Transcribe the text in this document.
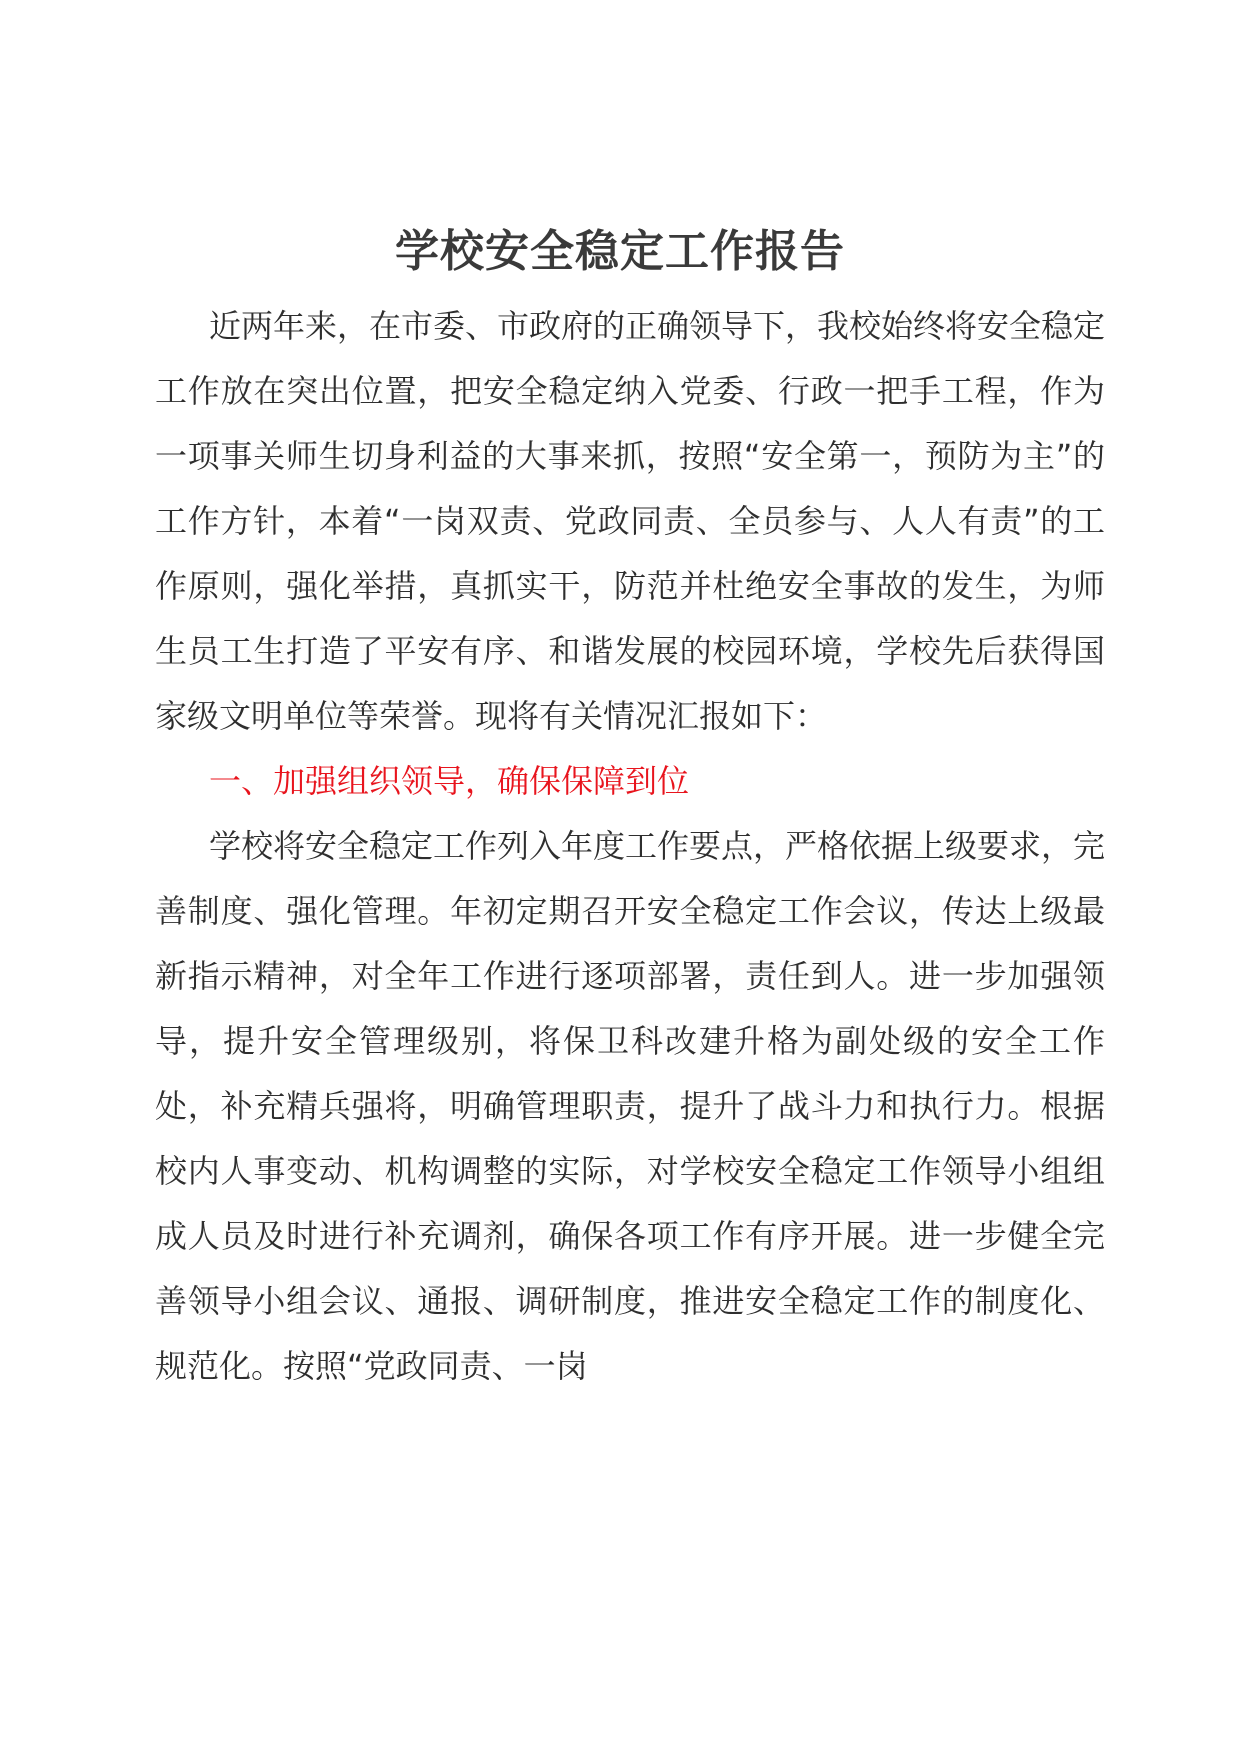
学校安全稳定工作报告

近两年来，在市委、市政府的正确领导下，我校始终将安全稳定工作放在突出位置，把安全稳定纳入党委、行政一把手工程，作为一项事关师生切身利益的大事来抓，按照“安全第一，预防为主”的工作方针，本着“一岗双责、党政同责、全员参与、人人有责”的工作原则，强化举措，真抓实干，防范并杜绝安全事故的发生，为师生员工生打造了平安有序、和谐发展的校园环境，学校先后获得国家级文明单位等荣誉。现将有关情况汇报如下：

一、加强组织领导，确保保障到位

学校将安全稳定工作列入年度工作要点，严格依据上级要求，完善制度、强化管理。年初定期召开安全稳定工作会议，传达上级最新指示精神，对全年工作进行逐项部署，责任到人。进一步加强领导，提升安全管理级别，将保卫科改建升格为副处级的安全工作处，补充精兵强将，明确管理职责，提升了战斗力和执行力。根据校内人事变动、机构调整的实际，对学校安全稳定工作领导小组组成人员及时进行补充调剂，确保各项工作有序开展。进一步健全完善领导小组会议、通报、调研制度，推进安全稳定工作的制度化、规范化。按照“党政同责、一岗
